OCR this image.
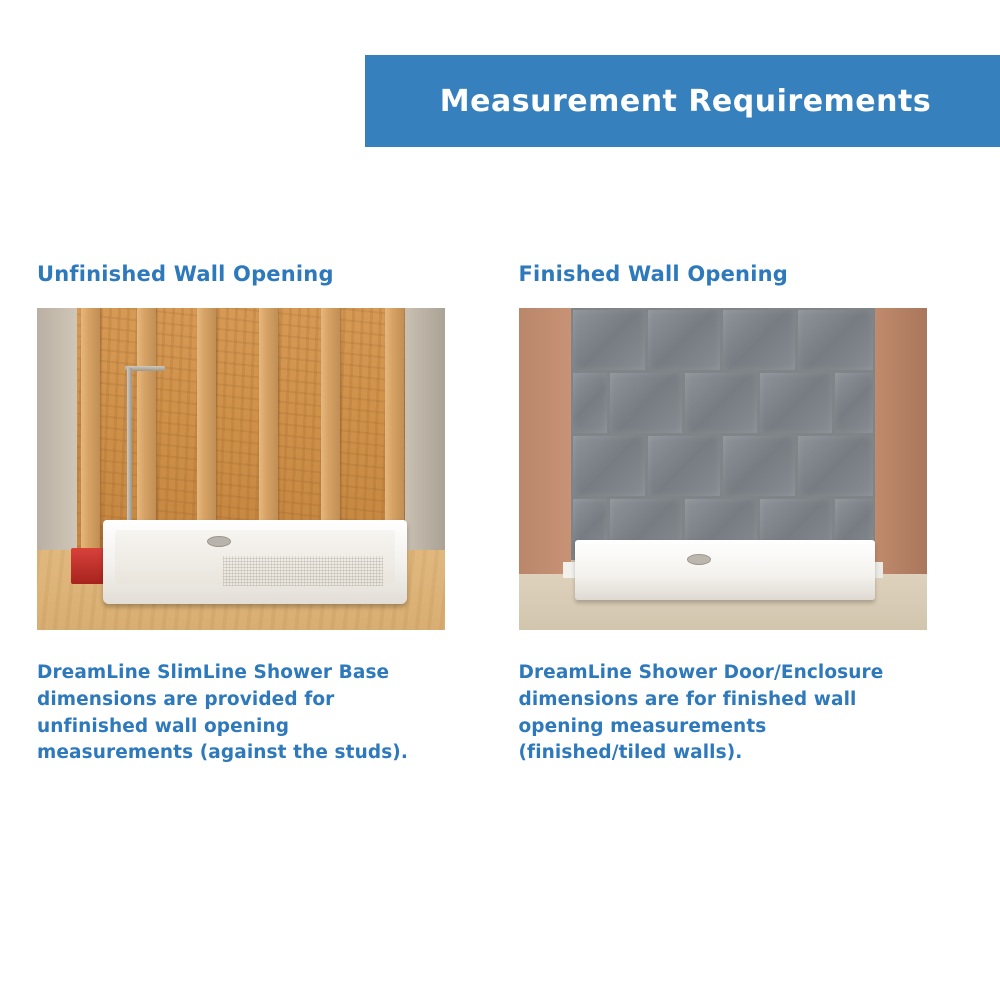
Measurement Requirements
Unfinished Wall Opening
DreamLine SlimLine Shower Base dimensions are provided for unfinished wall opening measurements (against the studs).
Finished Wall Opening
DreamLine Shower Door/Enclosure dimensions are for finished wall opening measurements (finished/tiled walls).
